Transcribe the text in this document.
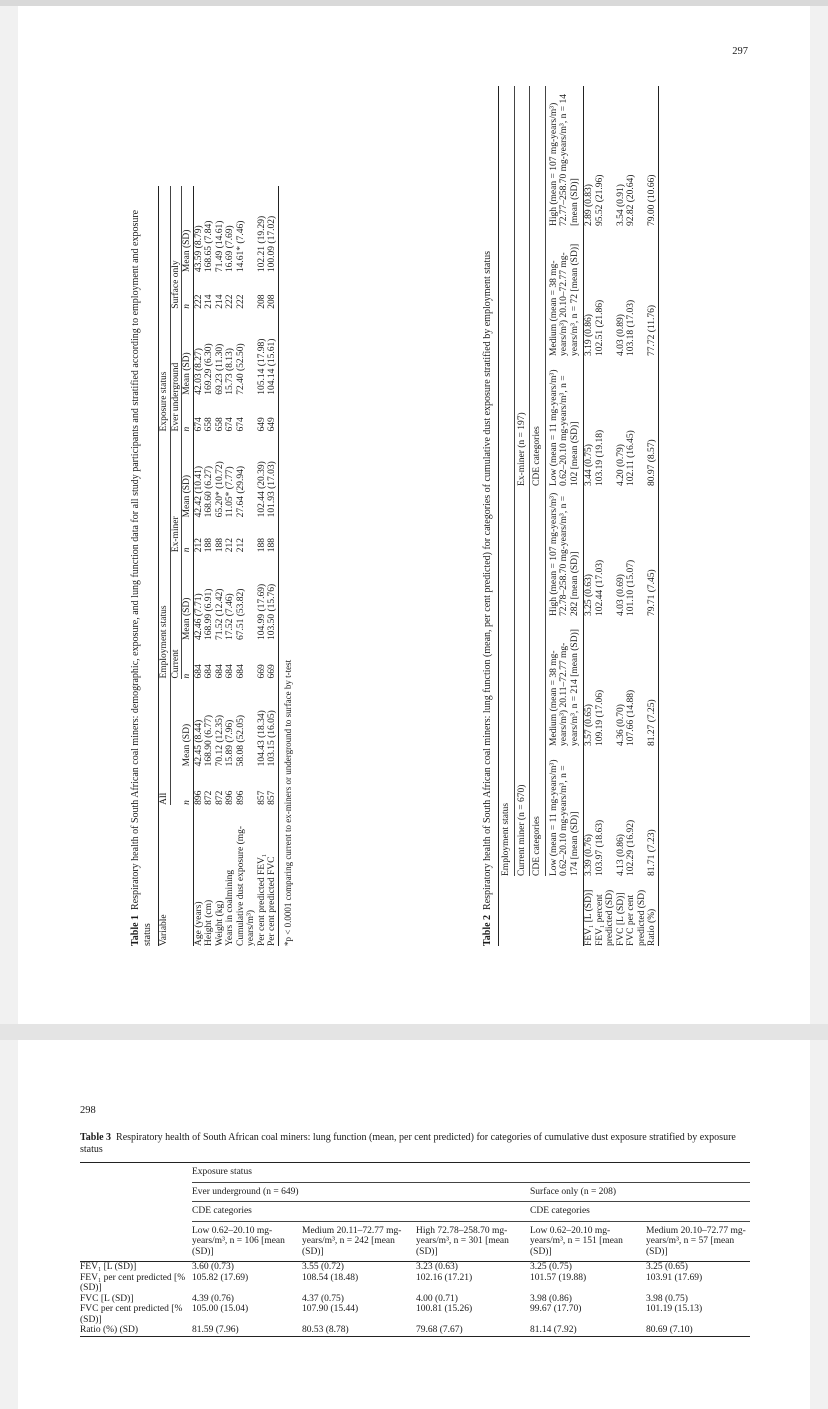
297

Table 1  Respiratory health of South African coal miners: demographic, exposure, and lung function data for all study participants and stratified according to employment and exposure status Variable	All		Employment status				Exposure status			
			Current		Ex-miner		Ever underground		Surface only	
	n	Mean (SD)	n	Mean (SD)	n	Mean (SD)	n	Mean (SD)	n	Mean (SD)
Age (years)	896	42.45 (8.44)	684	42.46 (7.71)	212	42.42 (10.41)	674	42.03 (8.27)	222	43.59 (8.79)
Height (cm)	872	168.90 (6.77)	684	168.99 (6.91)	188	168.60 (6.27)	658	169.29 (6.30)	214	168.65 (7.84)
Weight (kg)	872	70.12 (12.35)	684	71.52 (12.42)	188	65.20* (10.72)	658	69.23 (11.30)	214	71.49 (14.61)
Years in coalmining	896	15.89 (7.96)	684	17.52 (7.46)	212	11.05* (7.77)	674	15.73 (8.13)	222	16.69 (7.69)
Cumulative dust exposure (mg-years/m³)	896	58.08 (52.05)	684	67.51 (53.82)	212	27.64 (29.94)	674	72.40 (52.50)	222	14.61* (7.46)
Per cent predicted FEV₁	857	104.43 (18.34)	669	104.99 (17.69)	188	102.44 (20.39)	649	105.14 (17.98)	208	102.21 (19.29)
Per cent predicted FVC	857	103.15 (16.05)	669	103.50 (15.76)	188	101.93 (17.03)	649	104.14 (15.61)	208	100.09 (17.02)
*p < 0.0001 comparing current to ex-miners or underground to surface by t-test	Table 2  Respiratory health of South African coal miners: lung function (mean, per cent predicted) for categories of cumulative dust exposure stratified by employment status

	Employment status					
	Current miner (n = 670)			Ex-miner (n = 197)		
	CDE categories			CDE categories		
	Low (mean = 11 mg-years/m³) 0.62–20.10 mg-years/m³, n = 174 [mean (SD)]	Medium (mean = 38 mg-years/m³) 20.11–72.77 mg-years/m³, n = 214 [mean (SD)]	High (mean = 107 mg-years/m³) 72.78–258.70 mg-years/m³, n = 282 [mean (SD)]	Low (mean = 11 mg-years/m³) 0.62–20.10 mg-years/m³, n = 102 [mean (SD)]	Medium (mean = 38 mg-years/m³) 20.10–72.77 mg-years/m³, n = 72 [mean (SD)]	High (mean = 107 mg-years/m³) 72.77–258.70 mg-years/m³, n = 14 [mean (SD)]
FEV₁ [L (SD)]	3.39 (0.76)	3.57 (0.65)	3.25 (0.63)	3.44 (0.75)	3.19 (0.86)	2.89 (0.83)
FEV₁ percent predicted (SD)	103.97 (18.63)	109.19 (17.06)	102.44 (17.03)	103.19 (19.18)	102.51 (21.86)	95.52 (21.96)
FVC [L (SD)]	4.13 (0.86)	4.36 (0.70)	4.03 (0.69)	4.20 (0.79)	4.03 (0.89)	3.54 (0.91)
FVC per cent predicted (SD)	102.29 (16.92)	107.66 (14.88)	101.10 (15.07)	102.11 (16.45)	103.18 (17.03)	92.82 (20.64)
Ratio (%)	81.71 (7.23)	81.27 (7.25)	79.71 (7.45)	80.97 (8.57)	77.72 (11.76)	79.00 (10.66)
298

Table 3 Respiratory health of South African coal miners: lung function (mean, per cent predicted) for categories of cumulative dust exposure stratified by exposure status

	Exposure status				
	Ever underground (n = 649)			Surface only (n = 208)	
	CDE categories			CDE categories	
	Low 0.62–20.10 mg-years/m³, n = 106 [mean (SD)]	Medium 20.11–72.77 mg-years/m³, n = 242 [mean (SD)]	High 72.78–258.70 mg-years/m³, n = 301 [mean (SD)]	Low 0.62–20.10 mg-years/m³, n = 151 [mean (SD)]	Medium 20.10–72.77 mg-years/m³, n = 57 [mean (SD)]
FEV₁ [L (SD)]	3.60 (0.73)	3.55 (0.72)	3.23 (0.63)	3.25 (0.75)	3.25 (0.65)
FEV₁ per cent predicted [% (SD)]	105.82 (17.69)	108.54 (18.48)	102.16 (17.21)	101.57 (19.88)	103.91 (17.69)
FVC [L (SD)]	4.39 (0.76)	4.37 (0.75)	4.00 (0.71)	3.98 (0.86)	3.98 (0.75)
FVC per cent predicted [% (SD)]	105.00 (15.04)	107.90 (15.44)	100.81 (15.26)	99.67 (17.70)	101.19 (15.13)
Ratio (%) (SD)	81.59 (7.96)	80.53 (8.78)	79.68 (7.67)	81.14 (7.92)	80.69 (7.10)
